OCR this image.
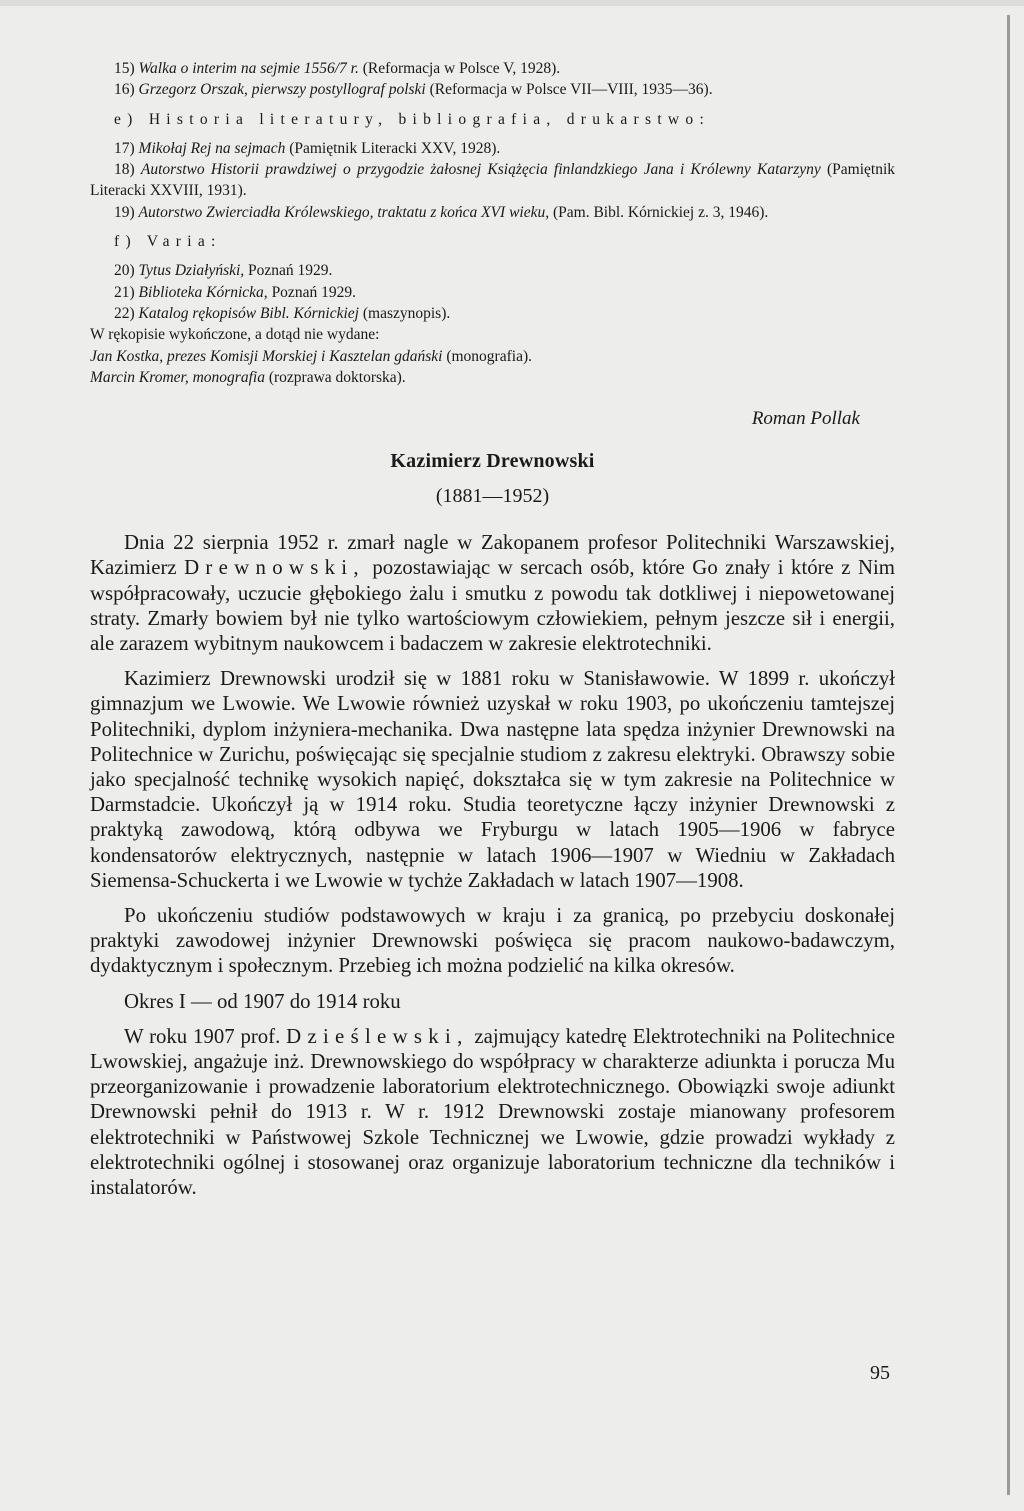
15) Walka o interim na sejmie 1556/7 r. (Reformacja w Polsce V, 1928).

16) Grzegorz Orszak, pierwszy postyllograf polski (Reformacja w Polsce VII—VIII, 1935—36).

e) Historia literatury, bibliografia, drukarstwo:

17) Mikołaj Rej na sejmach (Pamiętnik Literacki XXV, 1928).

18) Autorstwo Historii prawdziwej o przygodzie żałosnej Książęcia finlandzkiego Jana i Królewny Katarzyny (Pamiętnik Literacki XXVIII, 1931).

19) Autorstwo Zwierciadła Królewskiego, traktatu z końca XVI wieku, (Pam. Bibl. Kórnickiej z. 3, 1946).

f) Varia:

20) Tytus Działyński, Poznań 1929.

21) Biblioteka Kórnicka, Poznań 1929.

22) Katalog rękopisów Bibl. Kórnickiej (maszynopis).

W rękopisie wykończone, a dotąd nie wydane:

Jan Kostka, prezes Komisji Morskiej i Kasztelan gdański (monografia).

Marcin Kromer, monografia (rozprawa doktorska).

Roman Pollak
Kazimierz Drewnowski
(1881—1952)

Dnia 22 sierpnia 1952 r. zmarł nagle w Zakopanem profesor Politechniki Warszawskiej, Kazimierz Drewnowski, pozostawiając w sercach osób, które Go znały i które z Nim współpracowały, uczucie głębokiego żalu i smutku z powodu tak dotkliwej i niepowetowanej straty. Zmarły bowiem był nie tylko wartościowym człowiekiem, pełnym jeszcze sił i energii, ale zarazem wybitnym naukowcem i badaczem w zakresie elektrotechniki.

Kazimierz Drewnowski urodził się w 1881 roku w Stanisławowie. W 1899 r. ukończył gimnazjum we Lwowie. We Lwowie również uzyskał w roku 1903, po ukończeniu tamtejszej Politechniki, dyplom inżyniera-mechanika. Dwa następne lata spędza inżynier Drewnowski na Politechnice w Zurichu, poświęcając się specjalnie studiom z zakresu elektryki. Obrawszy sobie jako specjalność technikę wysokich napięć, dokształca się w tym zakresie na Politechnice w Darmstadcie. Ukończył ją w 1914 roku. Studia teoretyczne łączy inżynier Drewnowski z praktyką zawodową, którą odbywa we Fryburgu w latach 1905—1906 w fabryce kondensatorów elektrycznych, następnie w latach 1906—1907 w Wiedniu w Zakładach Siemensa-Schuckerta i we Lwowie w tychże Zakładach w latach 1907—1908.

Po ukończeniu studiów podstawowych w kraju i za granicą, po przebyciu doskonałej praktyki zawodowej inżynier Drewnowski poświęca się pracom naukowo-badawczym, dydaktycznym i społecznym. Przebieg ich można podzielić na kilka okresów.

Okres I — od 1907 do 1914 roku

W roku 1907 prof. Dzieślewski, zajmujący katedrę Elektrotechniki na Politechnice Lwowskiej, angażuje inż. Drewnowskiego do współpracy w charakterze adiunkta i porucza Mu przeorganizowanie i prowadzenie laboratorium elektrotechnicznego. Obowiązki swoje adiunkt Drewnowski pełnił do 1913 r. W r. 1912 Drewnowski zostaje mianowany profesorem elektrotechniki w Państwowej Szkole Technicznej we Lwowie, gdzie prowadzi wykłady z elektrotechniki ogólnej i stosowanej oraz organizuje laboratorium techniczne dla techników i instalatorów.

95
